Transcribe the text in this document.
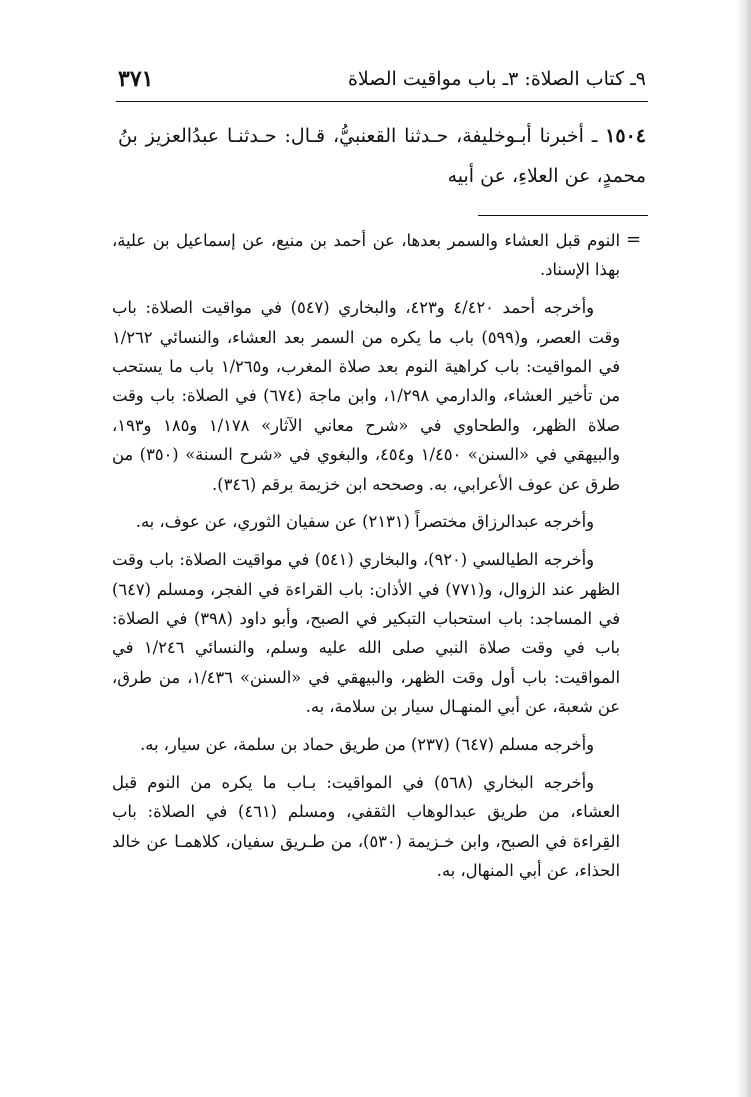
٩ـ كتاب الصلاة: ٣ـ باب مواقيت الصلاة
٣٧١
١٥٠٤ ـ أخبرنا أبـوخليفة، حـدثنا القعنبيُّ، قـال: حـدثنـا عبدُالعزيز بنُ محمدٍ، عن العلاءِ، عن أبيه
=

النوم قبل العشاء والسمر بعدها، عن أحمد بن منيع، عن إسماعيل بن علية، بهذا الإسناد.

وأخرجه أحمد ٤/٤٢٠ و٤٢٣، والبخاري (٥٤٧) في مواقيت الصلاة: باب وقت العصر، و(٥٩٩) باب ما يكره من السمر بعد العشاء، والنسائي ١/٢٦٢ في المواقيت: باب كراهية النوم بعد صلاة المغرب، و١/٢٦٥ باب ما يستحب من تأخير العشاء، والدارمي ١/٢٩٨، وابن ماجة (٦٧٤) في الصلاة: باب وقت صلاة الظهر، والطحاوي في «شرح معاني الآثار» ١/١٧٨ و١٨٥ و١٩٣، والبيهقي في «السنن» ١/٤٥٠ و٤٥٤، والبغوي في «شرح السنة» (٣٥٠) من طرق عن عوف الأعرابي، به. وصححه ابن خزيمة برقم (٣٤٦).

وأخرجه عبدالرزاق مختصراً (٢١٣١) عن سفيان الثوري، عن عوف، به.

وأخرجه الطيالسي (٩٢٠)، والبخاري (٥٤١) في مواقيت الصلاة: باب وقت الظهر عند الزوال، و(٧٧١) في الأذان: باب القراءة في الفجر، ومسلم (٦٤٧) في المساجد: باب استحباب التبكير في الصبح، وأبو داود (٣٩٨) في الصلاة: باب في وقت صلاة النبي صلى الله عليه وسلم، والنسائي ١/٢٤٦ في المواقيت: باب أول وقت الظهر، والبيهقي في «السنن» ١/٤٣٦، من طرق، عن شعبة، عن أبي المنهـال سيار بن سلامة، به.

وأخرجه مسلم (٦٤٧) (٢٣٧) من طريق حماد بن سلمة، عن سيار، به.

وأخرجه البخاري (٥٦٨) في المواقيت: بـاب ما يكره من النوم قبل العشاء، من طريق عبدالوهاب الثقفي، ومسلم (٤٦١) في الصلاة: باب القِراءة في الصبح، وابن خـزيمة (٥٣٠)، من طـريق سفيان، كلاهمـا عن خالد الحذاء، عن أبي المنهال، به.
